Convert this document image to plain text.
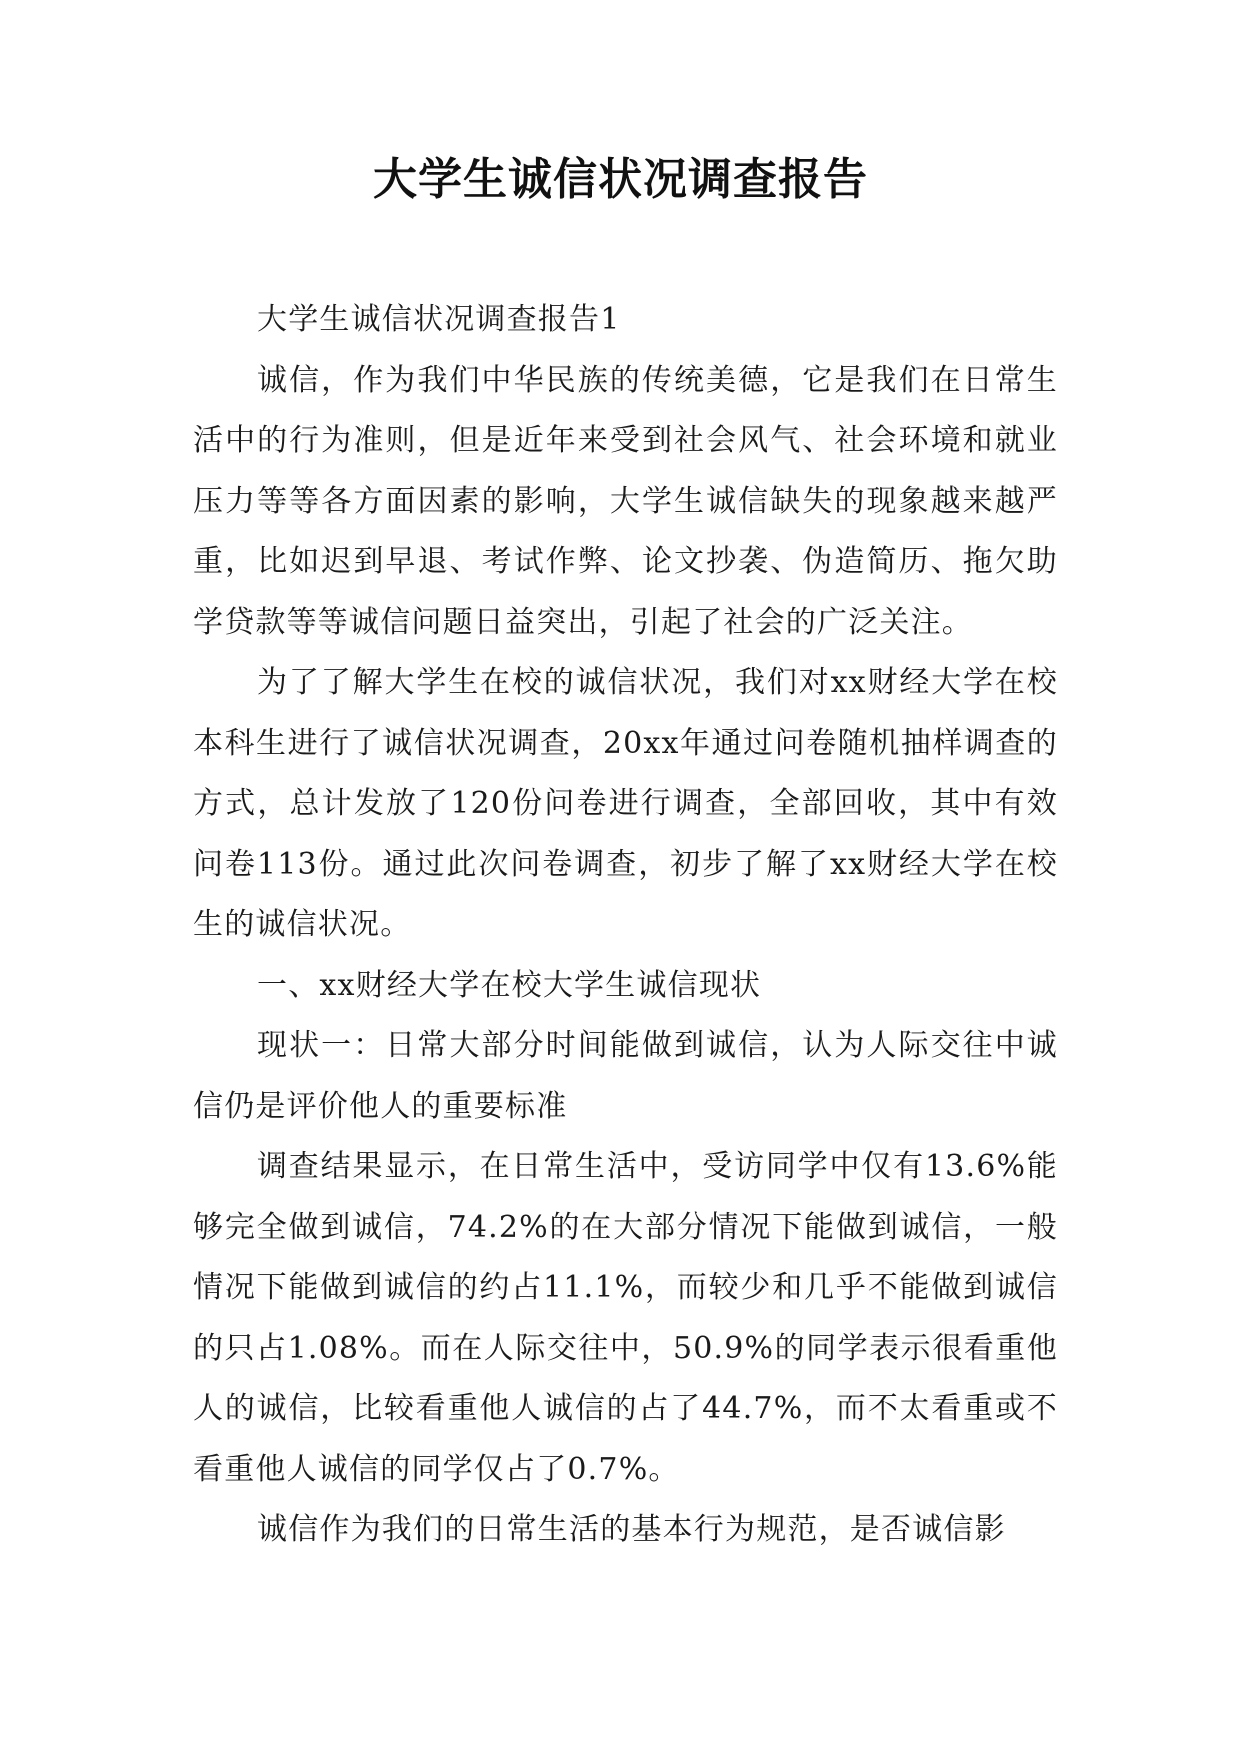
大学生诚信状况调查报告

大学生诚信状况调查报告1

诚信，作为我们中华民族的传统美德，它是我们在日常生活中的行为准则，但是近年来受到社会风气、社会环境和就业压力等等各方面因素的影响，大学生诚信缺失的现象越来越严重，比如迟到早退、考试作弊、论文抄袭、伪造简历、拖欠助学贷款等等诚信问题日益突出，引起了社会的广泛关注。

为了了解大学生在校的诚信状况，我们对xx财经大学在校本科生进行了诚信状况调查，20xx年通过问卷随机抽样调查的方式，总计发放了120份问卷进行调查，全部回收，其中有效问卷113份。通过此次问卷调查，初步了解了xx财经大学在校生的诚信状况。

一、xx财经大学在校大学生诚信现状

现状一：日常大部分时间能做到诚信，认为人际交往中诚信仍是评价他人的重要标准

调查结果显示，在日常生活中，受访同学中仅有13.6%能够完全做到诚信，74.2%的在大部分情况下能做到诚信，一般情况下能做到诚信的约占11.1%，而较少和几乎不能做到诚信的只占1.08%。而在人际交往中，50.9%的同学表示很看重他人的诚信，比较看重他人诚信的占了44.7%，而不太看重或不看重他人诚信的同学仅占了0.7%。

诚信作为我们的日常生活的基本行为规范，是否诚信影
